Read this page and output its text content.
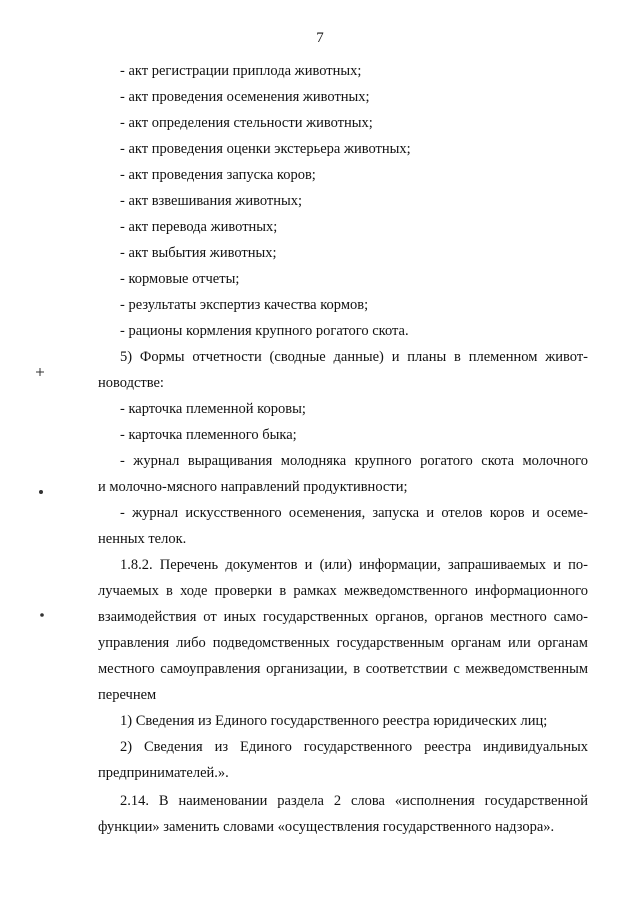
7
- акт регистрации приплода животных;
- акт проведения осеменения животных;
- акт определения стельности животных;
- акт проведения оценки экстерьера животных;
- акт проведения запуска коров;
- акт взвешивания животных;
- акт перевода животных;
- акт выбытия животных;
- кормовые отчеты;
- результаты экспертиз качества кормов;
- рационы кормления крупного рогатого скота.
5) Формы отчетности (сводные данные) и планы в племенном живот-
новодстве:
- карточка племенной коровы;
- карточка племенного быка;
- журнал выращивания молодняка крупного рогатого скота молочного
и молочно-мясного направлений продуктивности;
- журнал искусственного осеменения, запуска и отелов коров и осеме-
ненных телок.
1.8.2. Перечень документов и (или) информации, запрашиваемых и по-
лучаемых в ходе проверки в рамках межведомственного информационного
взаимодействия от иных государственных органов, органов местного само-
управления либо подведомственных государственным органам или органам
местного самоуправления организации, в соответствии с межведомственным
перечнем
1) Сведения из Единого государственного реестра юридических лиц;
2) Сведения из Единого государственного реестра индивидуальных
предпринимателей.».
2.14. В наименовании раздела 2 слова «исполнения государственной
функции» заменить словами «осуществления государственного надзора».
